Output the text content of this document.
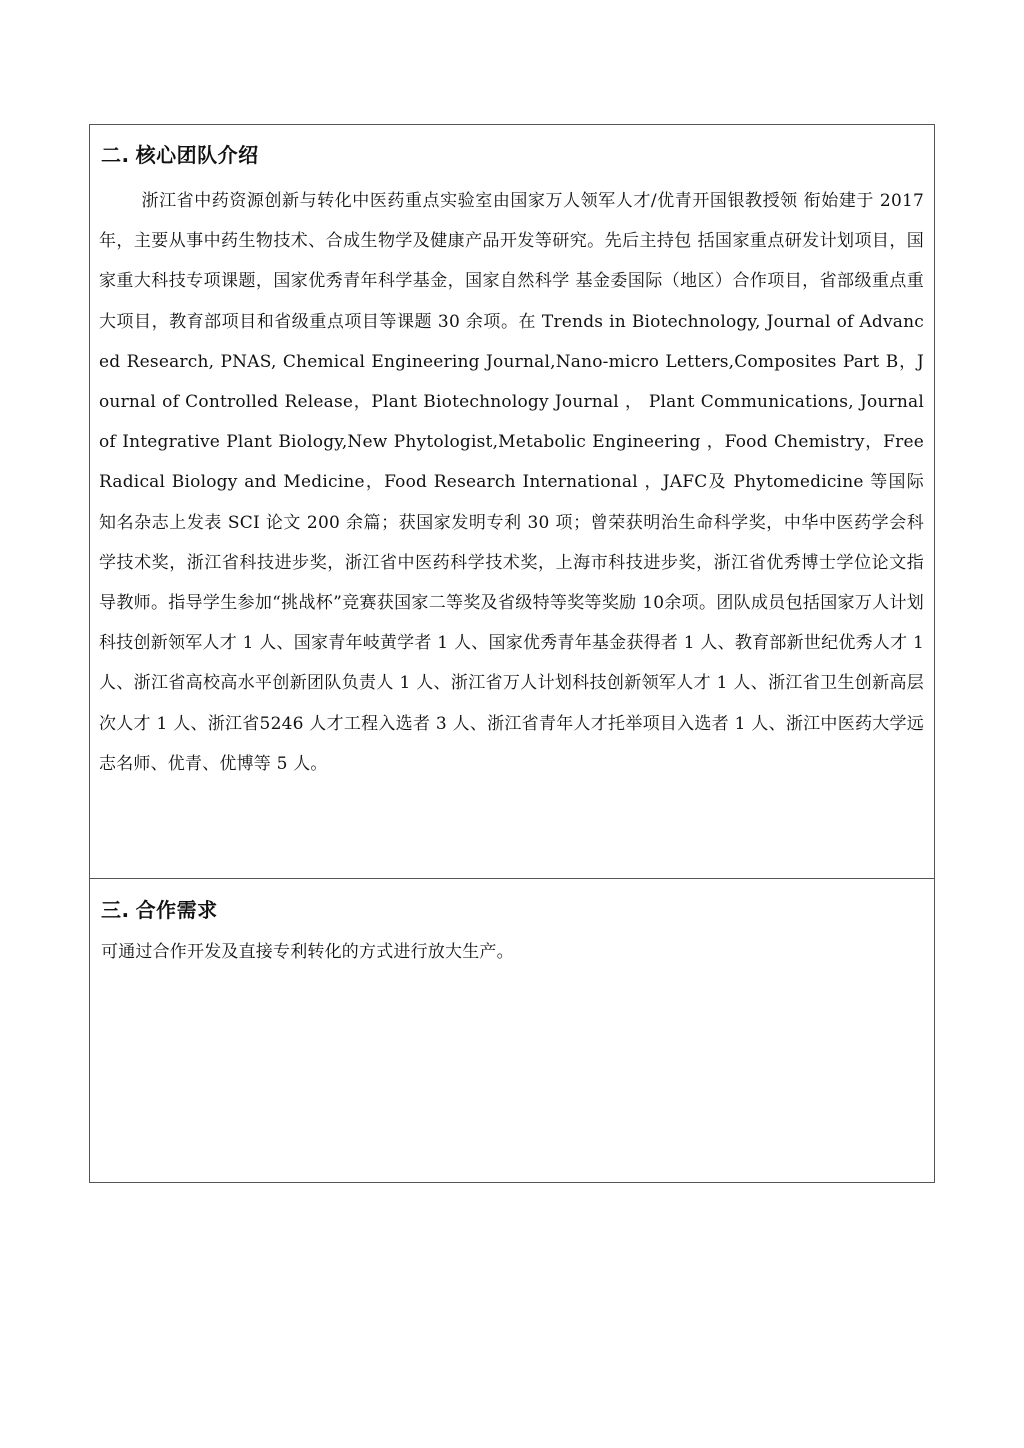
二. 核心团队介绍

浙江省中药资源创新与转化中医药重点实验室由国家万人领军人才/优青开国银教授领 衔始建于 2017 年，主要从事中药生物技术、合成生物学及健康产品开发等研究。先后主持包 括国家重点研发计划项目，国家重大科技专项课题，国家优秀青年科学基金，国家自然科学 基金委国际（地区）合作项目，省部级重点重大项目，教育部项目和省级重点项目等课题 30 余项。在 Trends in Biotechnology, Journal of Advanced Research, PNAS, Chemical Engineering Journal,Nano-micro Letters,Composites Part B，Journal of Controlled Release，Plant Biotechnology Journal ， Plant Communications, Journal of Integrative Plant Biology,New Phytologist,Metabolic Engineering ，Food Chemistry，Free Radical Biology and Medicine，Food Research International ，JAFC及 Phytomedicine 等国际知名杂志上发表 SCI 论文 200 余篇；获国家发明专利 30 项；曾荣获明治生命科学奖，中华中医药学会科学技术奖，浙江省科技进步奖，浙江省中医药科学技术奖，上海市科技进步奖，浙江省优秀博士学位论文指导教师。指导学生参加“挑战杯”竞赛获国家二等奖及省级特等奖等奖励 10余项。团队成员包括国家万人计划科技创新领军人才 1 人、国家青年岐黄学者 1 人、国家优秀青年基金获得者 1 人、教育部新世纪优秀人才 1 人、浙江省高校高水平创新团队负责人 1 人、浙江省万人计划科技创新领军人才 1 人、浙江省卫生创新高层次人才 1 人、浙江省5246 人才工程入选者 3 人、浙江省青年人才托举项目入选者 1 人、浙江中医药大学远志名师、优青、优博等 5 人。

三. 合作需求

可通过合作开发及直接专利转化的方式进行放大生产。
